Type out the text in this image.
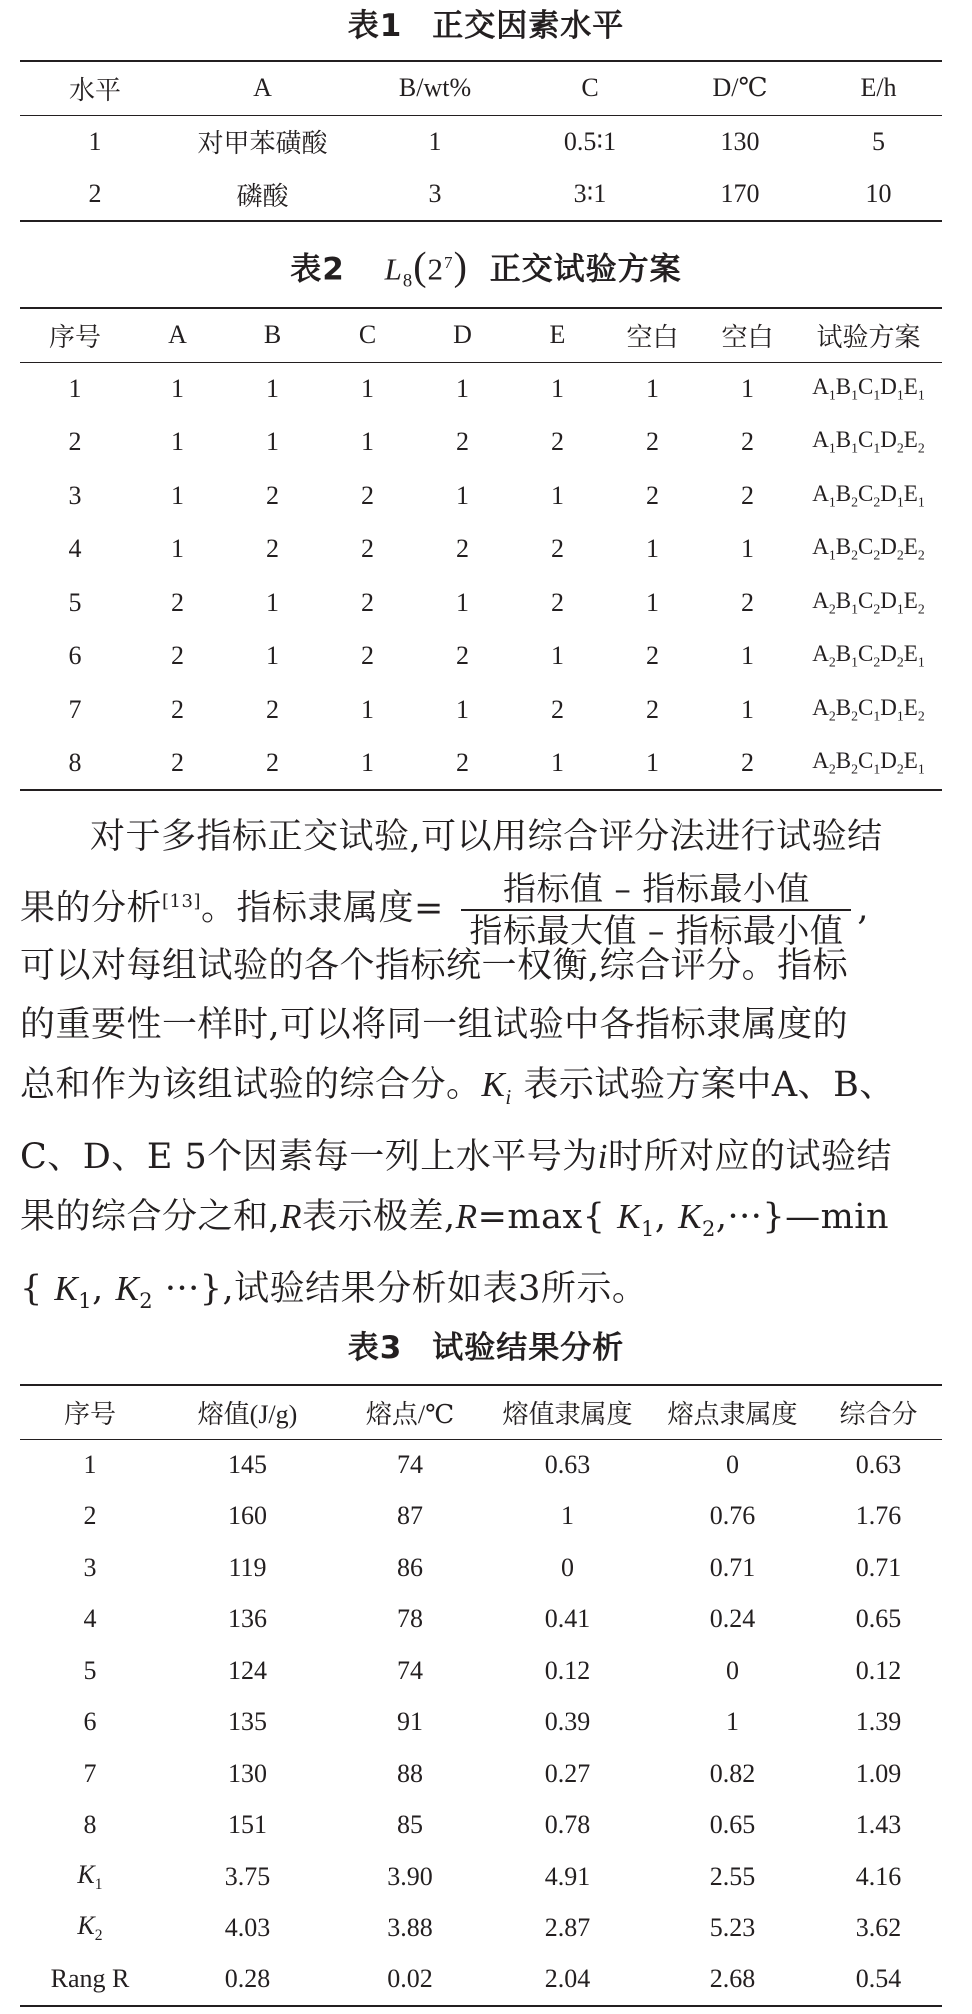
表1 正交因素水平
水平	A	B/wt%	C	D/℃	E/h
1	对甲苯磺酸	1	0.5∶1	130	5
2	磷酸	3	3∶1	170	10
表2 $L_8(2^7)$ 正交试验方案
序号	A	B	C	D	E	空白	空白	试验方案
1	1	1	1	1	1	1	1	$A_1B_1C_1D_1E_1$
2	1	1	1	2	2	2	2	$A_1B_1C_1D_2E_2$
3	1	2	2	1	1	2	2	$A_1B_2C_2D_1E_1$
4	1	2	2	2	2	1	1	$A_1B_2C_2D_2E_2$
5	2	1	2	1	2	1	2	$A_2B_1C_2D_1E_2$
6	2	1	2	2	1	2	1	$A_2B_1C_2D_2E_1$
7	2	2	1	1	2	2	1	$A_2B_2C_1D_1E_2$
8	2	2	1	2	1	1	2	$A_2B_2C_1D_2E_1$
对于多指标正交试验,可以用综合评分法进行试验结
果的分析[13]。指标隶属度= $\frac{\text{指标值 – 指标最小值}}{\text{指标最大值 – 指标最小值}}$ ,
可以对每组试验的各个指标统一权衡,综合评分。指标
的重要性一样时,可以将同一组试验中各指标隶属度的
总和作为该组试验的综合分。$K_i$ 表示试验方案中A、B、
C、D、E 5个因素每一列上水平号为i时所对应的试验结
果的综合分之和,R表示极差,R=max{ $K_1$, $K_2,\cdot\cdot\cdot\}—\min$
{ $K_1$, $K_2$ ···},试验结果分析如表3所示。
表3 试验结果分析
序号	熔值(J/g)	熔点/℃	熔值隶属度	熔点隶属度	综合分
1	145	74	0.63	0	0.63
2	160	87	1	0.76	1.76
3	119	86	0	0.71	0.71
4	136	78	0.41	0.24	0.65
5	124	74	0.12	0	0.12
6	135	91	0.39	1	1.39
7	130	88	0.27	0.82	1.09
8	151	85	0.78	0.65	1.43
$K_1$	3.75	3.90	4.91	2.55	4.16
$K_2$	4.03	3.88	2.87	5.23	3.62
Rang R	0.28	0.02	2.04	2.68	0.54
